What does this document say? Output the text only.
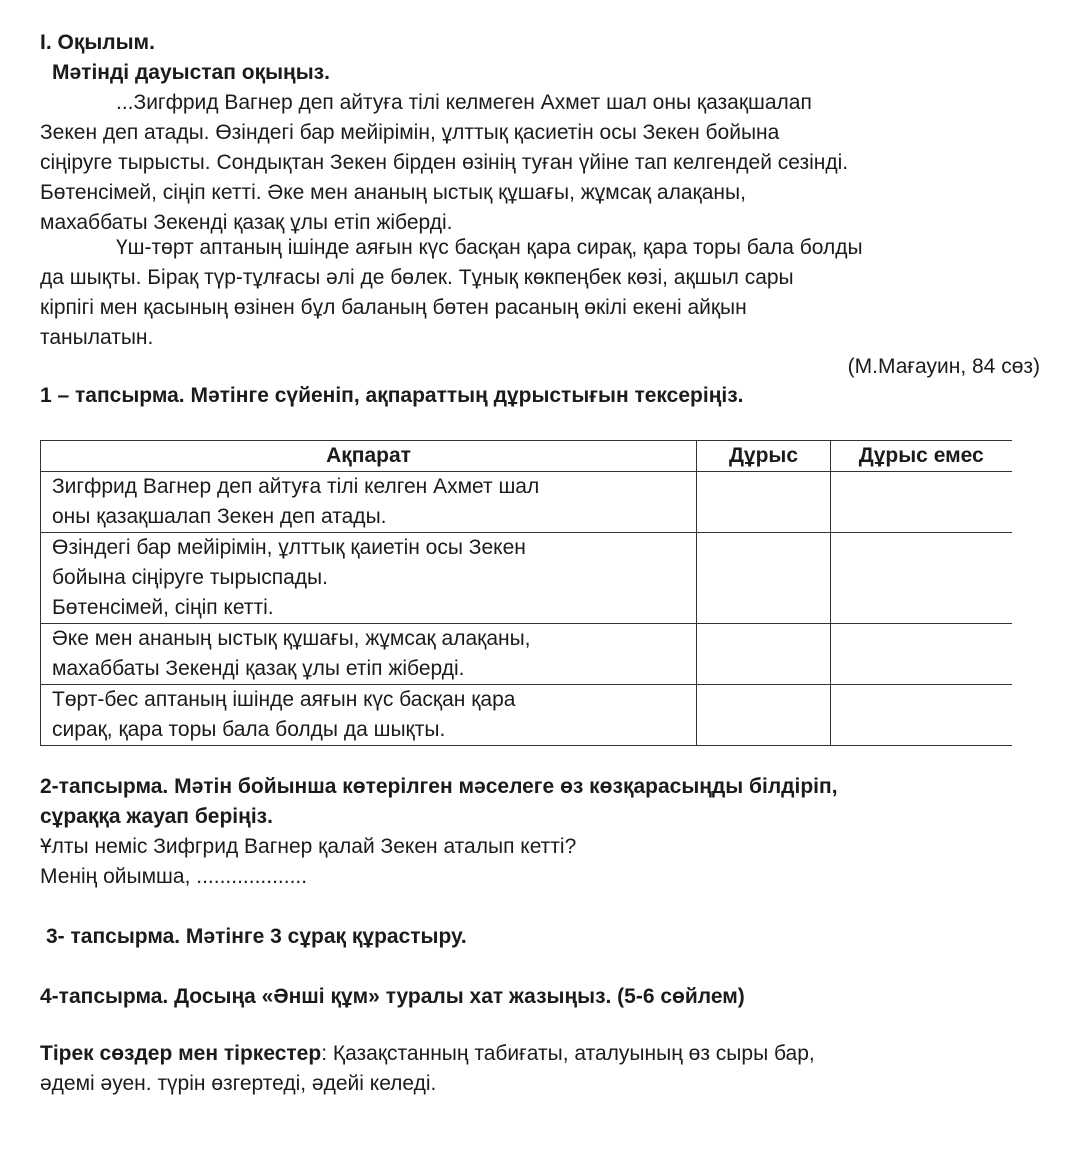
I. Оқылым.
Мәтінді дауыстап оқыңыз.
...Зигфрид Вагнер деп айтуға тілі келмеген Ахмет шал оны қазақшалап
Зекен деп атады. Өзіндегі бар мейірімін, ұлттық қасиетін осы Зекен бойына
сіңіруге тырысты. Сондықтан Зекен бірден өзінің туған үйіне тап келгендей сезінді.
Бөтенсімей, сіңіп кетті. Әке мен ананың ыстық құшағы, жұмсақ алақаны,
махаббаты Зекенді қазақ ұлы етіп жіберді.
Үш-төрт аптаның ішінде аяғын күс басқан қара сирақ, қара торы бала болды
да шықты. Бірақ түр-тұлғасы әлі де бөлек. Тұнық көкпеңбек көзі, ақшыл сары
кірпігі мен қасының өзінен бұл баланың бөтен расаның өкілі екені айқын
танылатын.
(М.Мағауин, 84 сөз)
1 – тапсырма. Мәтінге сүйеніп, ақпараттың дұрыстығын тексеріңіз.
Ақпарат	Дұрыс	Дұрыс емес

Зигфрид Вагнер деп айтуға тілі келген Ахмет шал
оны қазақшалап Зекен деп атады.		

Өзіндегі бар мейірімін, ұлттық қаиетін осы Зекен
бойына сіңіруге тырыспады.
Бөтенсімей, сіңіп кетті.		

Әке мен ананың ыстық құшағы, жұмсақ алақаны,
махаббаты Зекенді қазақ ұлы етіп жіберді.		

Төрт-бес аптаның ішінде аяғын күс басқан қара
сирақ, қара торы бала болды да шықты.		

2-тапсырма. Мәтін бойынша көтерілген мәселеге өз көзқарасыңды білдіріп,
сұраққа жауап беріңіз.
Ұлты неміс Зифгрид Вагнер қалай Зекен аталып кетті?
Менің ойымша, ...................
3- тапсырма. Мәтінге 3 сұрақ құрастыру.
4-тапсырма. Досыңа «Әнші құм» туралы хат жазыңыз. (5-6 сөйлем)
Тірек сөздер мен тіркестер: Қазақстанның табиғаты, аталуының өз сыры бар,
әдемі әуен. түрін өзгертеді, әдейі келеді.
